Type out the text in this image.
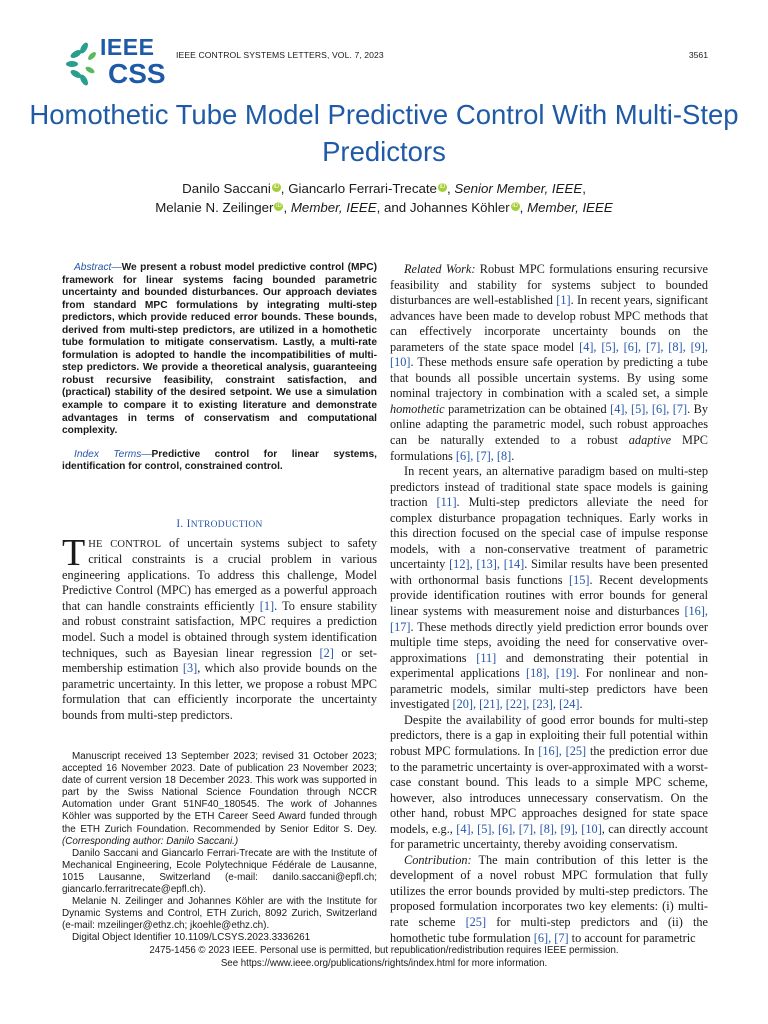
IEEE
CSS
IEEE CONTROL SYSTEMS LETTERS, VOL. 7, 2023	3561
Homothetic Tube Model Predictive Control With Multi-Step Predictors
Danilo Saccani iD , Giancarlo Ferrari-Trecate iD , Senior Member, IEEE,
Melanie N. Zeilinger iD , Member, IEEE, and Johannes Köhler iD , Member, IEEE

Abstract—We present a robust model predictive control (MPC) framework for linear systems facing bounded parametric uncertainty and bounded disturbances. Our approach deviates from standard MPC formulations by integrating multi-step predictors, which provide reduced error bounds. These bounds, derived from multi-step predictors, are utilized in a homothetic tube formulation to mitigate conservatism. Lastly, a multi-rate formulation is adopted to handle the incompatibilities of multi-step predictors. We provide a theoretical analysis, guaranteeing robust recursive feasibility, constraint satisfaction, and (practical) stability of the desired setpoint. We use a simulation example to compare it to existing literature and demonstrate advantages in terms of conservatism and computational complexity.

Index Terms—Predictive control for linear systems, identification for control, constrained control.

I. INTRODUCTION

THE CONTROL of uncertain systems subject to safety critical constraints is a crucial problem in various engineering applications. To address this challenge, Model Predictive Control (MPC) has emerged as a powerful approach that can handle constraints efficiently [1]. To ensure stability and robust constraint satisfaction, MPC requires a prediction model. Such a model is obtained through system identification techniques, such as Bayesian linear regression [2] or set-membership estimation [3], which also provide bounds on the parametric uncertainty. In this letter, we propose a robust MPC formulation that can efficiently incorporate the uncertainty bounds from multi-step predictors.

Manuscript received 13 September 2023; revised 31 October 2023; accepted 16 November 2023. Date of publication 23 November 2023; date of current version 18 December 2023. This work was supported in part by the Swiss National Science Foundation through NCCR Automation under Grant 51NF40_180545. The work of Johannes Köhler was supported by the ETH Career Seed Award funded through the ETH Zurich Foundation. Recommended by Senior Editor S. Dey. (Corresponding author: Danilo Saccani.)

Danilo Saccani and Giancarlo Ferrari-Trecate are with the Institute of Mechanical Engineering, Ecole Polytechnique Fédérale de Lausanne, 1015 Lausanne, Switzerland (e-mail: danilo.saccani@epfl.ch; giancarlo.ferraritrecate@epfl.ch).

Melanie N. Zeilinger and Johannes Köhler are with the Institute for Dynamic Systems and Control, ETH Zurich, 8092 Zurich, Switzerland (e-mail: mzeilinger@ethz.ch; jkoehle@ethz.ch).

Digital Object Identifier 10.1109/LCSYS.2023.3336261

Related Work: Robust MPC formulations ensuring recursive feasibility and stability for systems subject to bounded disturbances are well-established [1]. In recent years, significant advances have been made to develop robust MPC methods that can effectively incorporate uncertainty bounds on the parameters of the state space model [4], [5], [6], [7], [8], [9], [10]. These methods ensure safe operation by predicting a tube that bounds all possible uncertain systems. By using some nominal trajectory in combination with a scaled set, a simple homothetic parametrization can be obtained [4], [5], [6], [7]. By online adapting the parametric model, such robust approaches can be naturally extended to a robust adaptive MPC formulations [6], [7], [8].

In recent years, an alternative paradigm based on multi-step predictors instead of traditional state space models is gaining traction [11]. Multi-step predictors alleviate the need for complex disturbance propagation techniques. Early works in this direction focused on the special case of impulse response models, with a non-conservative treatment of parametric uncertainty [12], [13], [14]. Similar results have been presented with orthonormal basis functions [15]. Recent developments provide identification routines with error bounds for general linear systems with measurement noise and disturbances [16], [17]. These methods directly yield prediction error bounds over multiple time steps, avoiding the need for conservative over-approximations [11] and demonstrating their potential in experimental applications [18], [19]. For nonlinear and non-parametric models, similar multi-step predictors have been investigated [20], [21], [22], [23], [24].

Despite the availability of good error bounds for multi-step predictors, there is a gap in exploiting their full potential within robust MPC formulations. In [16], [25] the prediction error due to the parametric uncertainty is over-approximated with a worst-case constant bound. This leads to a simple MPC scheme, however, also introduces unnecessary conservatism. On the other hand, robust MPC approaches designed for state space models, e.g., [4], [5], [6], [7], [8], [9], [10], can directly account for parametric uncertainty, thereby avoiding conservatism.

Contribution: The main contribution of this letter is the development of a novel robust MPC formulation that fully utilizes the error bounds provided by multi-step predictors. The proposed formulation incorporates two key elements: (i) multi-rate scheme [25] for multi-step predictors and (ii) the homothetic tube formulation [6], [7] to account for parametric

2475-1456 © 2023 IEEE. Personal use is permitted, but republication/redistribution requires IEEE permission.
See https://www.ieee.org/publications/rights/index.html for more information.
